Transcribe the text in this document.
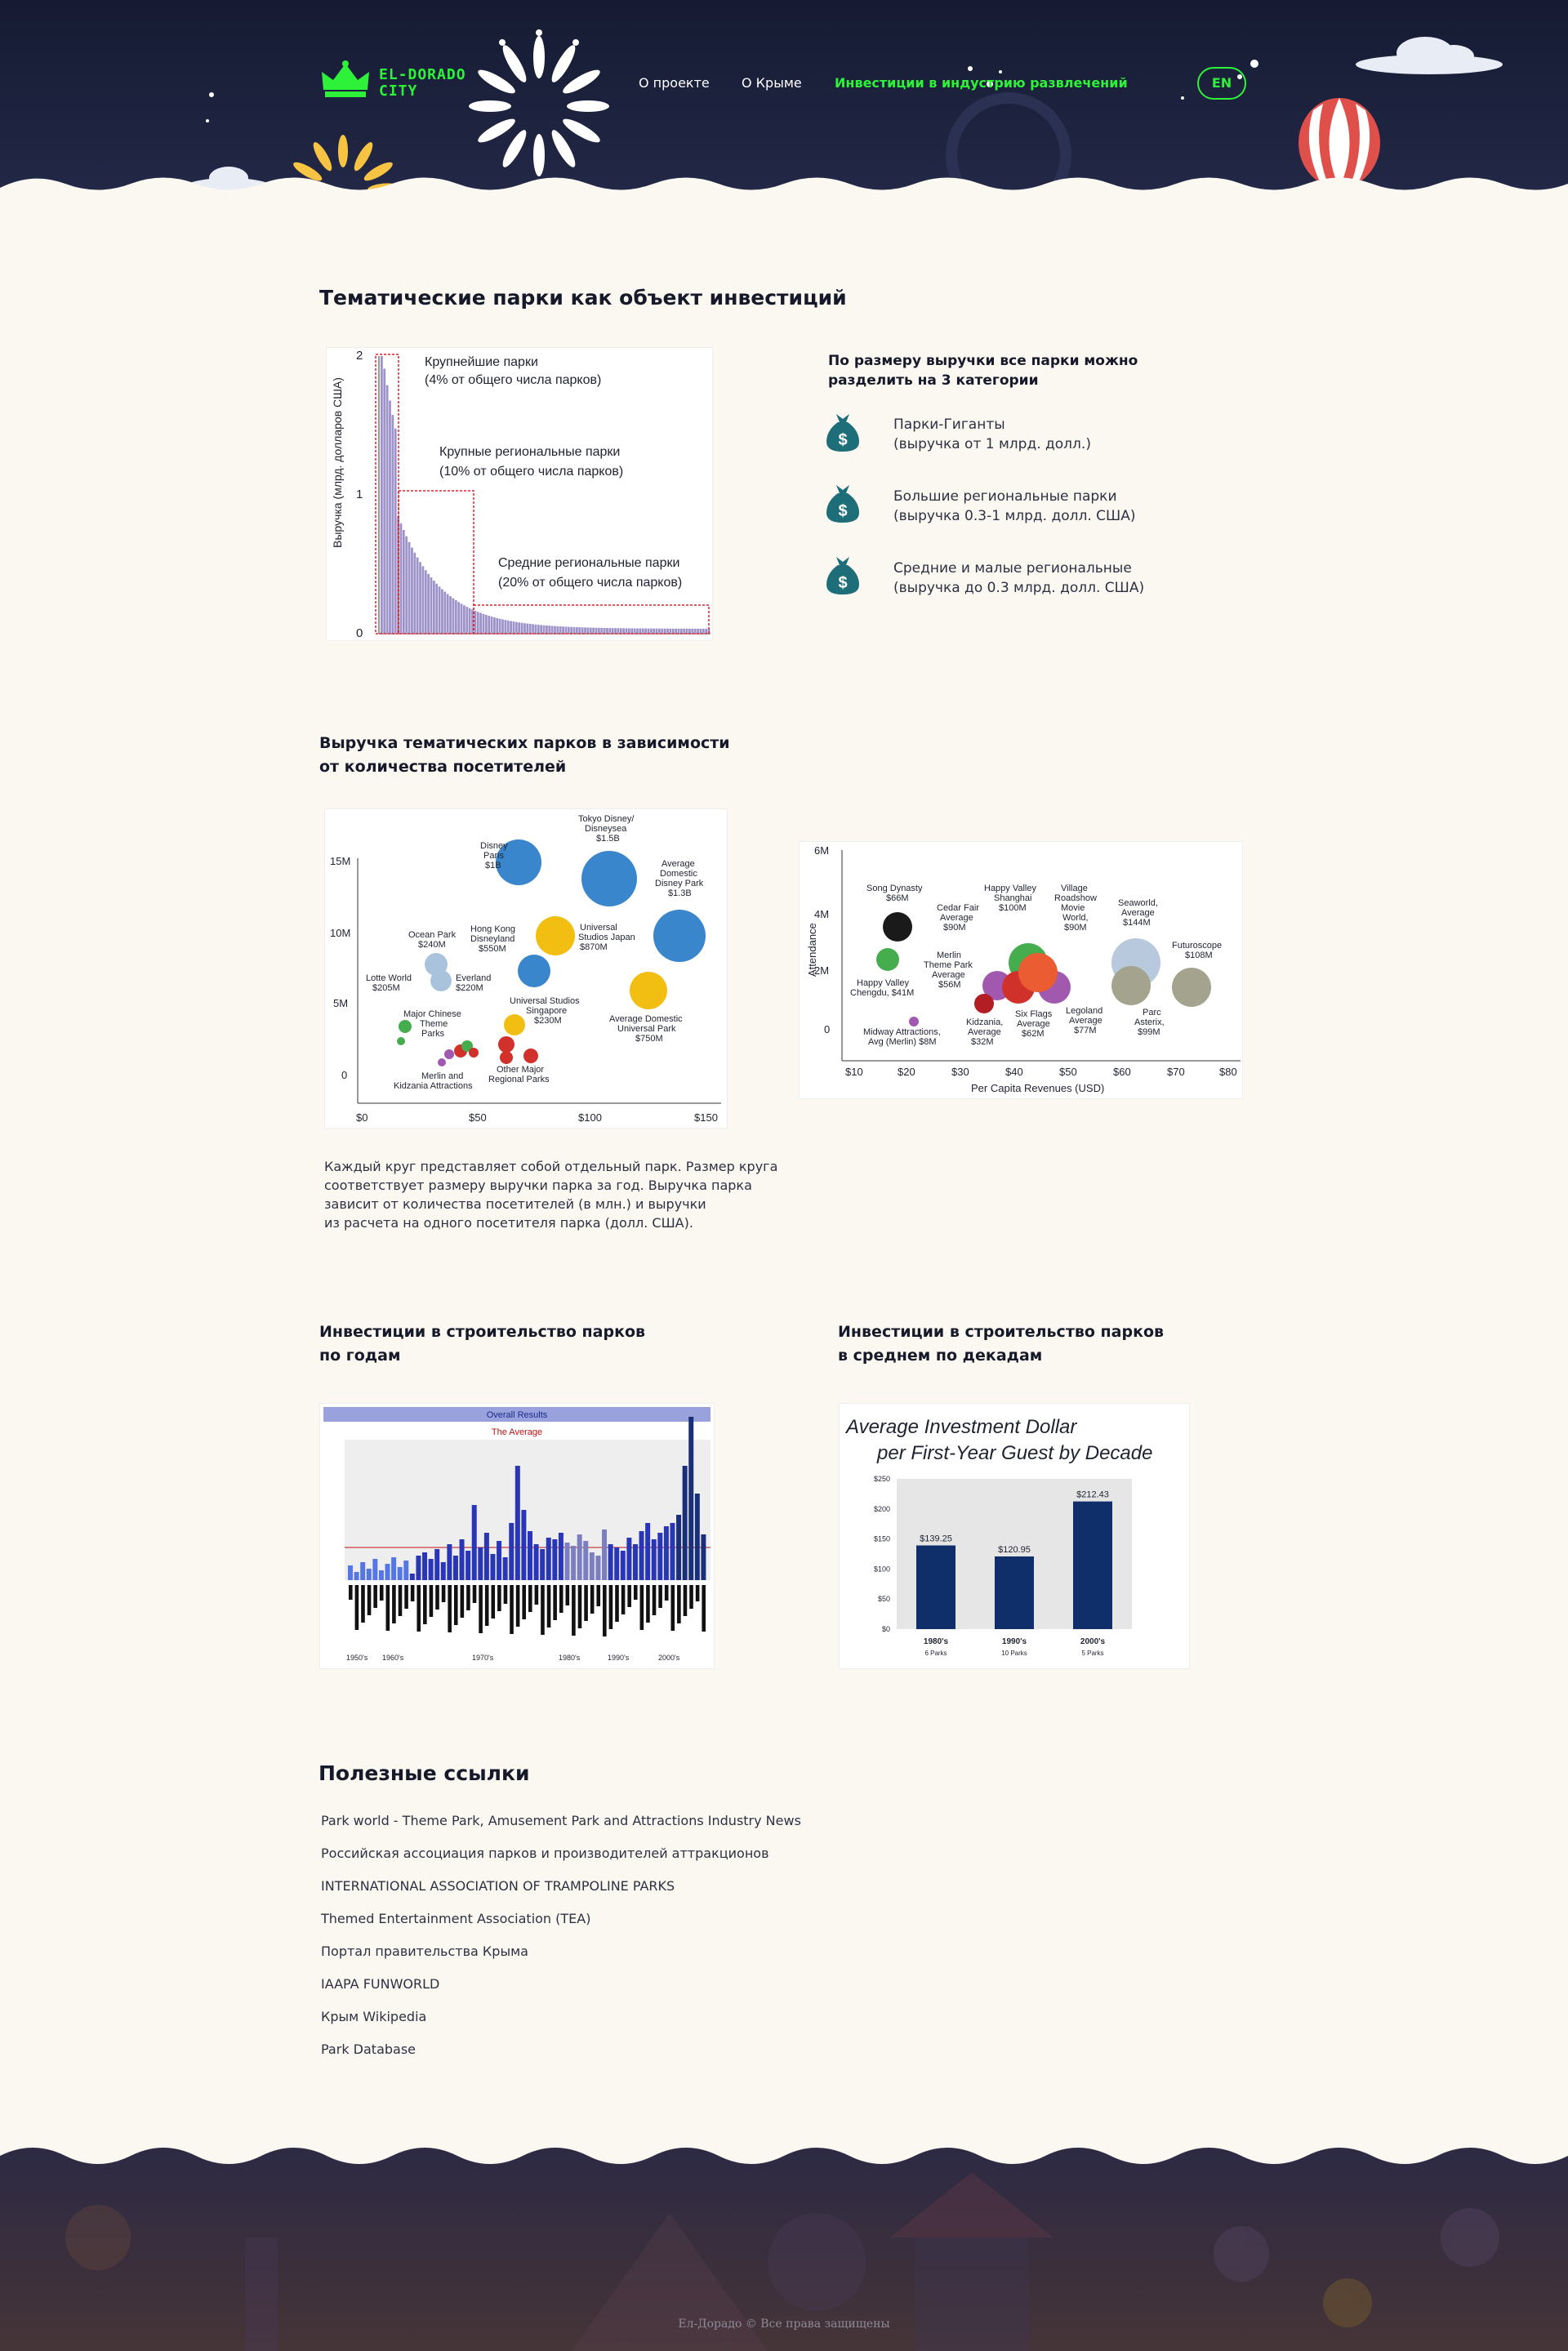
EL-DORADO
CITY	О проекте О Крыме	Инвестиции в индустрию развлечений	EN
Тематические парки как объект инвестиций
Выручка (млрд. долларов США)
2
1
0
Крупнейшие парки
(4% от общего числа парков)
Крупные региональные парки
(10% от общего числа парков)
Средние региональные парки
(20% от общего числа парков)
По размеру выручки все парки можно разделить на 3 категории
$
Парки-Гиганты
(выручка от 1 млрд. долл.)
$
Большие региональные парки
(выручка 0.3-1 млрд. долл. США)
$
Средние и малые региональные
(выручка до 0.3 млрд. долл. США)
Выручка тематических парков в зависимости
от количества посетителей
15M
10M
5M
0
$0	$50	$100	$150
Disney
Paris
$1B
Tokyo Disney/
Disneysea
$1.5B
Average
Domestic
Disney Park
$1.3B
Hong Kong
Disneyland
$550M
Universal
Studios Japan
$870M
Ocean Park
$240M
Everland
$220M
Lotte World
$205M
Universal Studios
Singapore
$230M	Average Domestic
Universal Park
$750M
Major Chinese
Theme
Parks
Merlin and
Kidzania Attractions
Other Major
Regional Parks
Attendance
6M
4M
2M
0
$10	$20	$30	$40	$50	$60	$70	$80
Per Capita Revenues (USD)
Song Dynasty
$66M
Happy Valley
Shanghai
$100M
Village
Roadshow
Movie
World,
$90M
Seaworld,
Average
$144M
Futuroscope
$108M
Cedar Fair
Average
$90M
Merlin
Theme Park
Average
$56M
Happy Valley
Chengdu, $41M
Kidzania,
Average
$32M
Six Flags
Average
$62M
Legoland
Average
$77M
Parc
Asterix,
$99M
Midway Attractions,
Avg (Merlin) $8M
Каждый круг представляет собой отдельный парк. Размер круга
соответствует размеру выручки парка за год. Выручка парка
зависит от количества посетителей (в млн.) и выручки
из расчета на одного посетителя парка (долл. США).
Инвестиции в строительство парков
по годам
Инвестиции в строительство парков
в среднем по декадам
Overall Results
The Average
1950's 1960's	1970's	1980's	1990's	2000's
Average Investment Dollar
per First-Year Guest by Decade
$250
$200
$150
$100
$50
$0
$139.25
1980's
6 Parks
$120.95
1990's
10 Parks
$212.43
2000's
5 Parks
Полезные ссылки
Park world - Theme Park, Amusement Park and Attractions Industry News
Российская ассоциация парков и производителей аттракционов
INTERNATIONAL ASSOCIATION OF TRAMPOLINE PARKS
Themed Entertainment Association (TEA)
Портал правительства Крыма
IAAPA FUNWORLD
Крым Wikipedia
Park Database
Ел-Дорадо © Все права защищены
